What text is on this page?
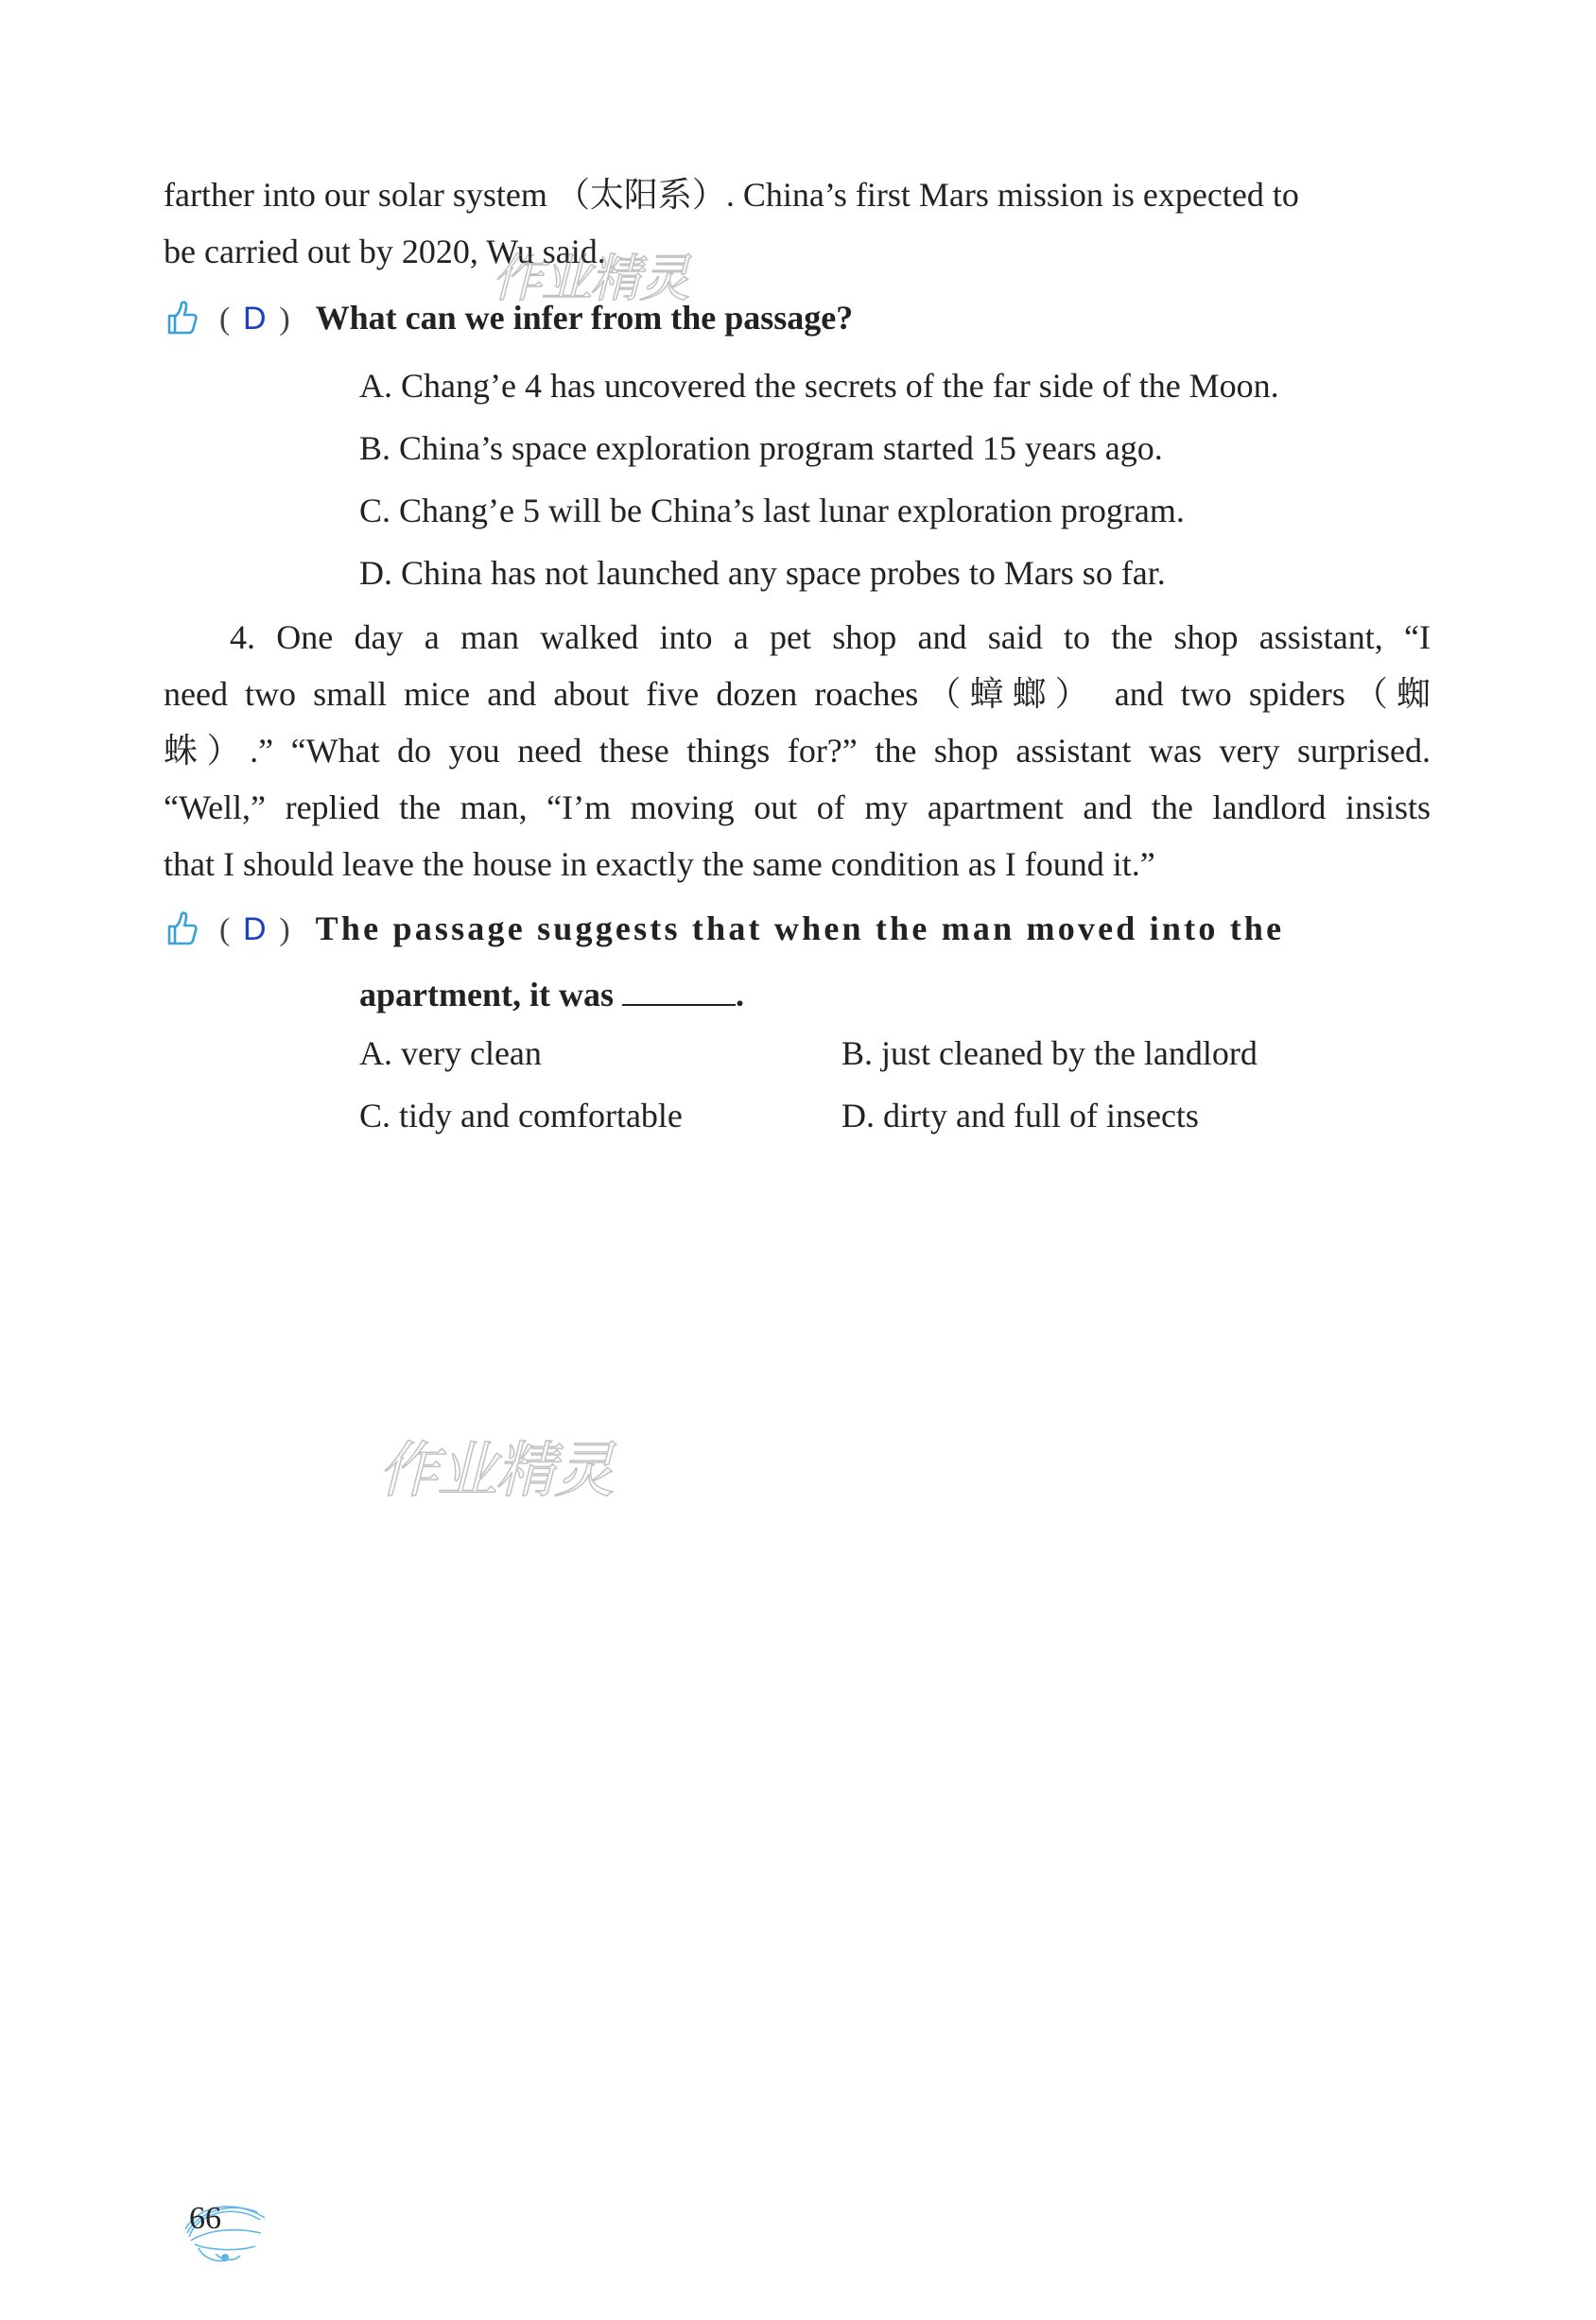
farther into our solar system （太阳系）. China’s first Mars mission is expected to
be carried out by 2020, Wu said.
( D ) What can we infer from the passage?
A. Chang’e 4 has uncovered the secrets of the far side of the Moon.
B. China’s space exploration program started 15 years ago.
C. Chang’e 5 will be China’s last lunar exploration program.
D. China has not launched any space probes to Mars so far.
4. One day a man walked into a pet shop and said to the shop assistant, “I
need two small mice and about five dozen roaches（蟑螂） and two spiders（蜘
蛛）.” “What do you need these things for?” the shop assistant was very surprised.
“Well,” replied the man, “I’m moving out of my apartment and the landlord insists
that I should leave the house in exactly the same condition as I found it.”
( D ) The passage suggests that when the man moved into the
apartment, it was	.
A. very clean	B. just cleaned by the landlord
C. tidy and comfortable	D. dirty and full of insects
作业精灵
作业精灵
66
